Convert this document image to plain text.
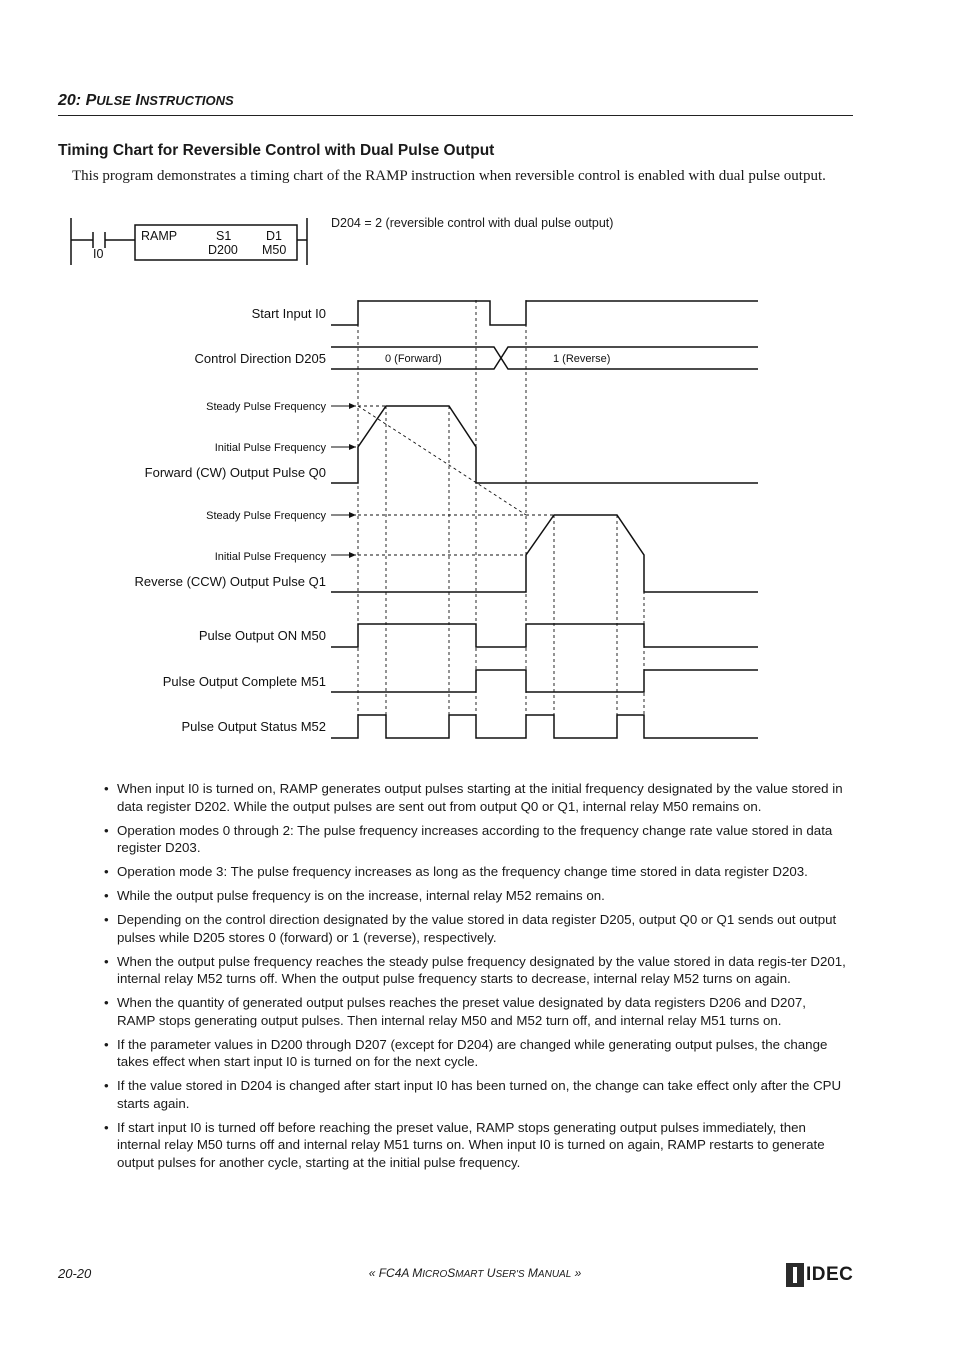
20: PULSE INSTRUCTIONS
Timing Chart for Reversible Control with Dual Pulse Output
This program demonstrates a timing chart of the RAMP instruction when reversible control is enabled with dual pulse output.
D204 = 2 (reversible control with dual pulse output)
I0
RAMP	S1
D200
D1
M50
Start Input I0
Control Direction D205
Forward (CW) Output Pulse Q0
Reverse (CCW) Output Pulse Q1
Pulse Output ON M50
Pulse Output Complete M51
Pulse Output Status M52
Steady Pulse Frequency
Initial Pulse Frequency
Steady Pulse Frequency
Initial Pulse Frequency
0 (Forward)	1 (Reverse)
• When input I0 is turned on, RAMP generates output pulses starting at the initial frequency designated by the value stored in data register D202. While the output pulses are sent out from output Q0 or Q1, internal relay M50 remains on.
• Operation modes 0 through 2: The pulse frequency increases according to the frequency change rate value stored in data register D203.
• Operation mode 3: The pulse frequency increases as long as the frequency change time stored in data register D203.
• While the output pulse frequency is on the increase, internal relay M52 remains on.
• Depending on the control direction designated by the value stored in data register D205, output Q0 or Q1 sends out output pulses while D205 stores 0 (forward) or 1 (reverse), respectively.
• When the output pulse frequency reaches the steady pulse frequency designated by the value stored in data regis-ter D201, internal relay M52 turns off. When the output pulse frequency starts to decrease, internal relay M52 turns on again.
• When the quantity of generated output pulses reaches the preset value designated by data registers D206 and D207, RAMP stops generating output pulses. Then internal relay M50 and M52 turn off, and internal relay M51 turns on.
• If the parameter values in D200 through D207 (except for D204) are changed while generating output pulses, the change takes effect when start input I0 is turned on for the next cycle.
• If the value stored in D204 is changed after start input I0 has been turned on, the change can take effect only after the CPU starts again.
• If start input I0 is turned off before reaching the preset value, RAMP stops generating output pulses immediately, then internal relay M50 turns off and internal relay M51 turns on. When input I0 is turned on again, RAMP restarts to generate output pulses for another cycle, starting at the initial pulse frequency.
20-20	« FC4A MICROSMART USER'S MANUAL »	IDEC
